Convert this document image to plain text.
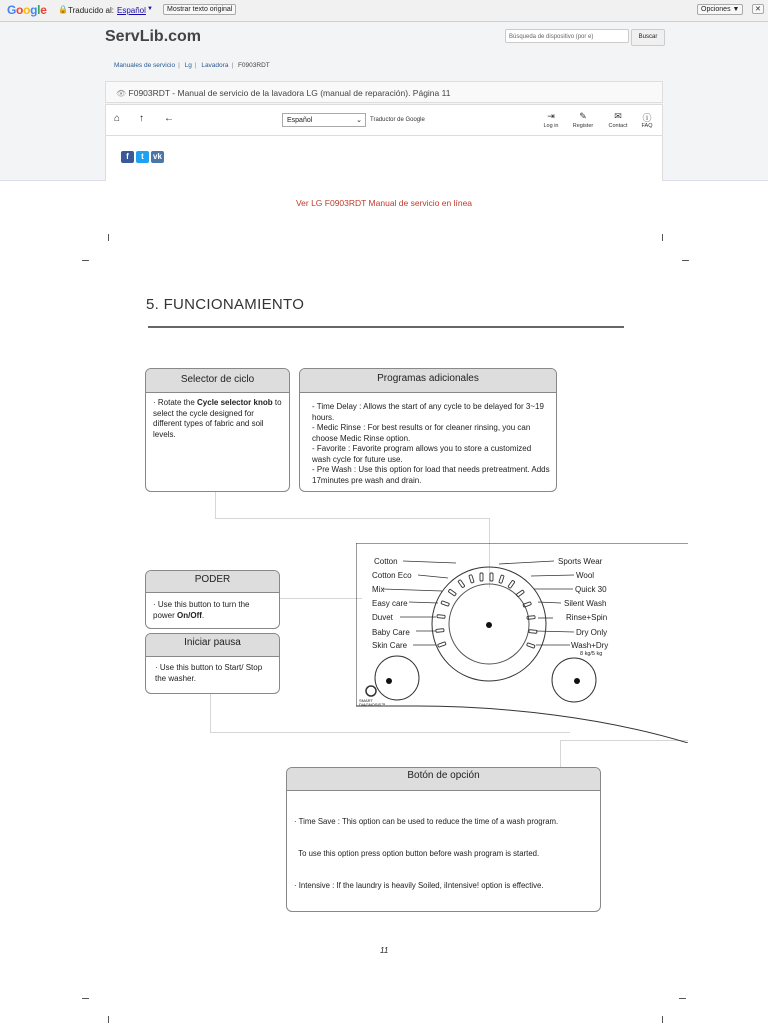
Google 🔒 Traducido al: Español ▼	Mostrar texto original	Opciones ▼	✕
ServLib.com	Búsqueda de dispositivo (por e)	Buscar
Manuales de servicio | Lg | Lavadora | F0903RDT
👁 F0903RDT - Manual de servicio de la lavadora LG (manual de reparación). Página 11
⌂ ↑ ←	Español	⌄ Traductor de Google	⇥
Log in
✎
Register
✉
Contact
ⓘ
FAQ
f	t	vk
Ver LG F0903RDT Manual de servicio en línea
5. FUNCIONAMIENTO
Selector de ciclo
· Rotate the Cycle selector knob to select the cycle designed for different types of fabric and soil levels.
Programas adicionales
- Time Delay : Allows the start of any cycle to be delayed for 3~19 hours.
- Medic Rinse : For best results or for cleaner rinsing, you can choose Medic Rinse option.
- Favorite : Favorite program allows you to store a customized wash cycle for future use.
- Pre Wash : Use this option for load that needs pretreatment. Adds 17minutes pre wash and drain.
PODER
· Use this button to turn the power On/Off.
Iniciar pausa
· Use this button to Start/ Stop the washer.
Cotton
Cotton Eco
Mix
Easy care
Duvet
Baby Care
Skin Care
Sports Wear
Wool
Quick 30
Silent Wash
Rinse+Spin
Dry Only
Wash+Dry
8 kg/5 kg
SMART DIAGNOSIS™
Botón de opción

· Time Save : This option can be used to reduce the time of a wash program.

To use this option press option button before wash program is started.

· Intensive : If the laundry is heavily Soiled, iIntensive! option is effective.

11
